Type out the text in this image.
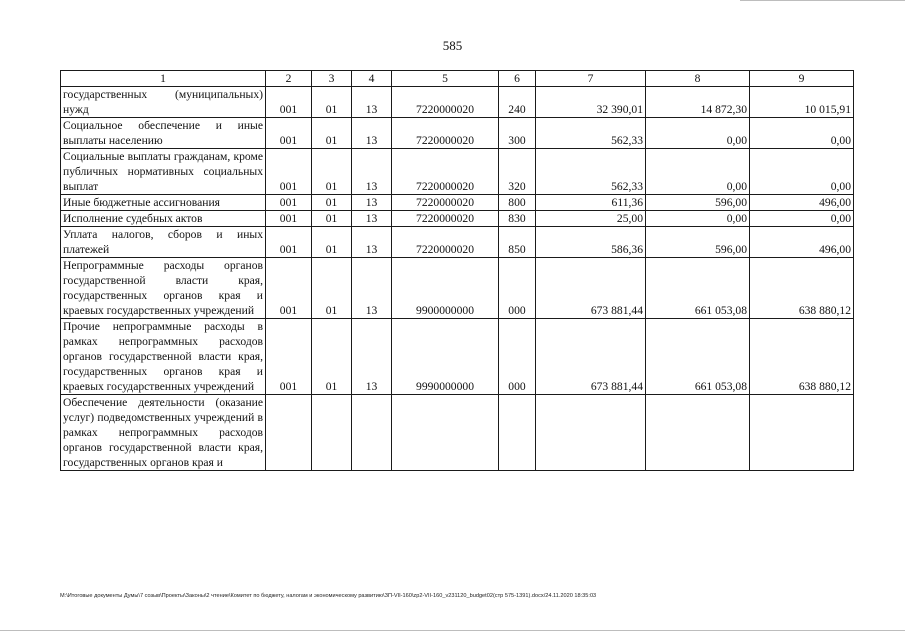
585
1	2	3	4	5	6	7	8	9
государственных (муниципальных) нужд	001	01	13	7220000020	240	32 390,01	14 872,30	10 015,91
Социальное обеспечение и иные выплаты населению	001	01	13	7220000020	300	562,33	0,00	0,00
Социальные выплаты гражданам, кроме публичных нормативных социальных выплат	001	01	13	7220000020	320	562,33	0,00	0,00
Иные бюджетные ассигнования	001	01	13	7220000020	800	611,36	596,00	496,00
Исполнение судебных актов	001	01	13	7220000020	830	25,00	0,00	0,00
Уплата налогов, сборов и иных платежей	001	01	13	7220000020	850	586,36	596,00	496,00
Непрограммные расходы органов государственной власти края, государственных органов края и краевых государственных учреждений	001	01	13	9900000000	000	673 881,44	661 053,08	638 880,12
Прочие непрограммные расходы в рамках непрограммных расходов органов государственной власти края, государственных органов края и краевых государственных учреждений	001	01	13	9990000000	000	673 881,44	661 053,08	638 880,12
Обеспечение деятельности (оказание услуг) подведомственных учреждений в рамках непрограммных расходов органов государственной власти края, государственных органов края и								
M:\Итоговые документы Думы\7 созыв\Проекты\Законы\2 чтение\Комитет по бюджету, налогам и экономическому развитию\ЗП-VII-160\zp2-VII-160_v231120_budget02(стр 575-1391).docx/24.11.2020 18:35:03
